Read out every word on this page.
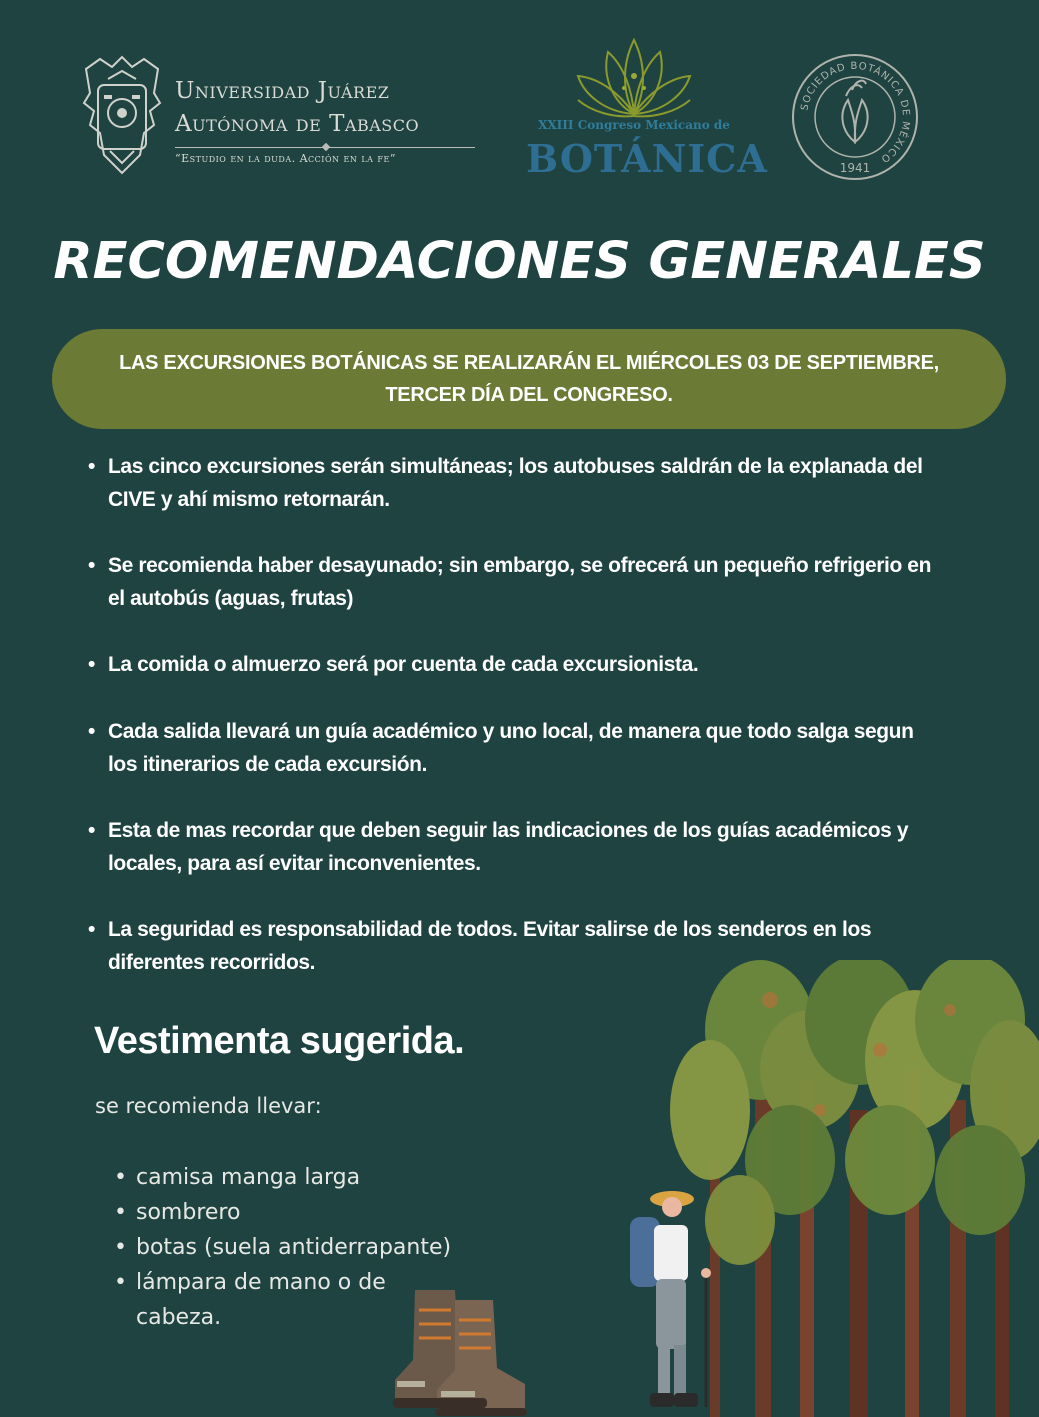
Universidad Juárez
Autónoma de Tabasco
“Estudio en la duda. Acción en la fe”
XXIII Congreso Mexicano de
BOTÁNICA
SOCIEDAD BOTÁNICA DE MÉXICO
1941
RECOMENDACIONES GENERALES
LAS EXCURSIONES BOTÁNICAS SE REALIZARÁN EL MIÉRCOLES 03 DE SEPTIEMBRE,
TERCER DÍA DEL CONGRESO.
• Las cinco excursiones serán simultáneas; los autobuses saldrán de la explanada del
CIVE y ahí mismo retornarán.
• Se recomienda haber desayunado; sin embargo, se ofrecerá un pequeño refrigerio en
el autobús (aguas, frutas)
• La comida o almuerzo será por cuenta de cada excursionista.
• Cada salida llevará un guía académico y uno local, de manera que todo salga segun
los itinerarios de cada excursión.
• Esta de mas recordar que deben seguir las indicaciones de los guías académicos y
locales, para así evitar inconvenientes.
• La seguridad es responsabilidad de todos. Evitar salirse de los senderos en los
diferentes recorridos.
Vestimenta sugerida.
se recomienda llevar:
• camisa manga larga
• sombrero
• botas (suela antiderrapante)
• lámpara de mano o de
cabeza.
